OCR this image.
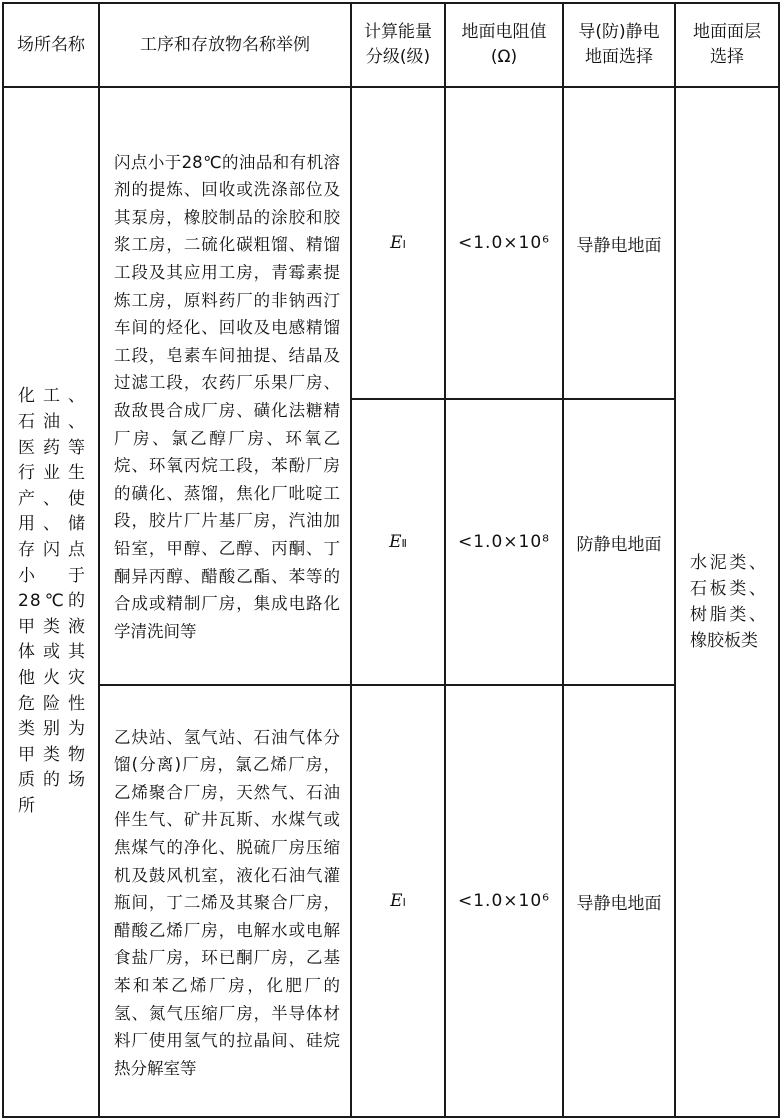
场所名称	工序和存放物名称举例	计算能量分级(级)	地面电阻值(Ω)	导(防)静电地面选择	地面面层选择
化工、石油、医药等行业生产、使用、储存闪点小于28℃的甲类液体或其他火灾危险性类别为甲类物质的场所	闪点小于28℃的油品和有机溶剂的提炼、回收或洗涤部位及其泵房，橡胶制品的涂胶和胶浆工房，二硫化碳粗馏、精馏工段及其应用工房，青霉素提炼工房，原料药厂的非钠西汀车间的烃化、回收及电感精馏工段，皂素车间抽提、结晶及过滤工段，农药厂乐果厂房、敌敌畏合成厂房、磺化法糖精厂房、氯乙醇厂房、环氧乙烷、环氧丙烷工段，苯酚厂房的磺化、蒸馏，焦化厂吡啶工段，胶片厂片基厂房，汽油加铅室，甲醇、乙醇、丙酮、丁酮异丙醇、醋酸乙酯、苯等的合成或精制厂房，集成电路化学清洗间等	EⅠ	<1.0×10⁶	导静电地面	水泥类、石板类、树脂类、橡胶板类
		EⅡ	<1.0×10⁸	防静电地面	
	乙炔站、氢气站、石油气体分馏(分离)厂房，氯乙烯厂房，乙烯聚合厂房，天然气、石油伴生气、矿井瓦斯、水煤气或焦煤气的净化、脱硫厂房压缩机及鼓风机室，液化石油气灌瓶间，丁二烯及其聚合厂房，醋酸乙烯厂房，电解水或电解食盐厂房，环已酮厂房，乙基苯和苯乙烯厂房，化肥厂的氢、氮气压缩厂房，半导体材料厂使用氢气的拉晶间、硅烷热分解室等	EⅠ	<1.0×10⁶	导静电地面	
